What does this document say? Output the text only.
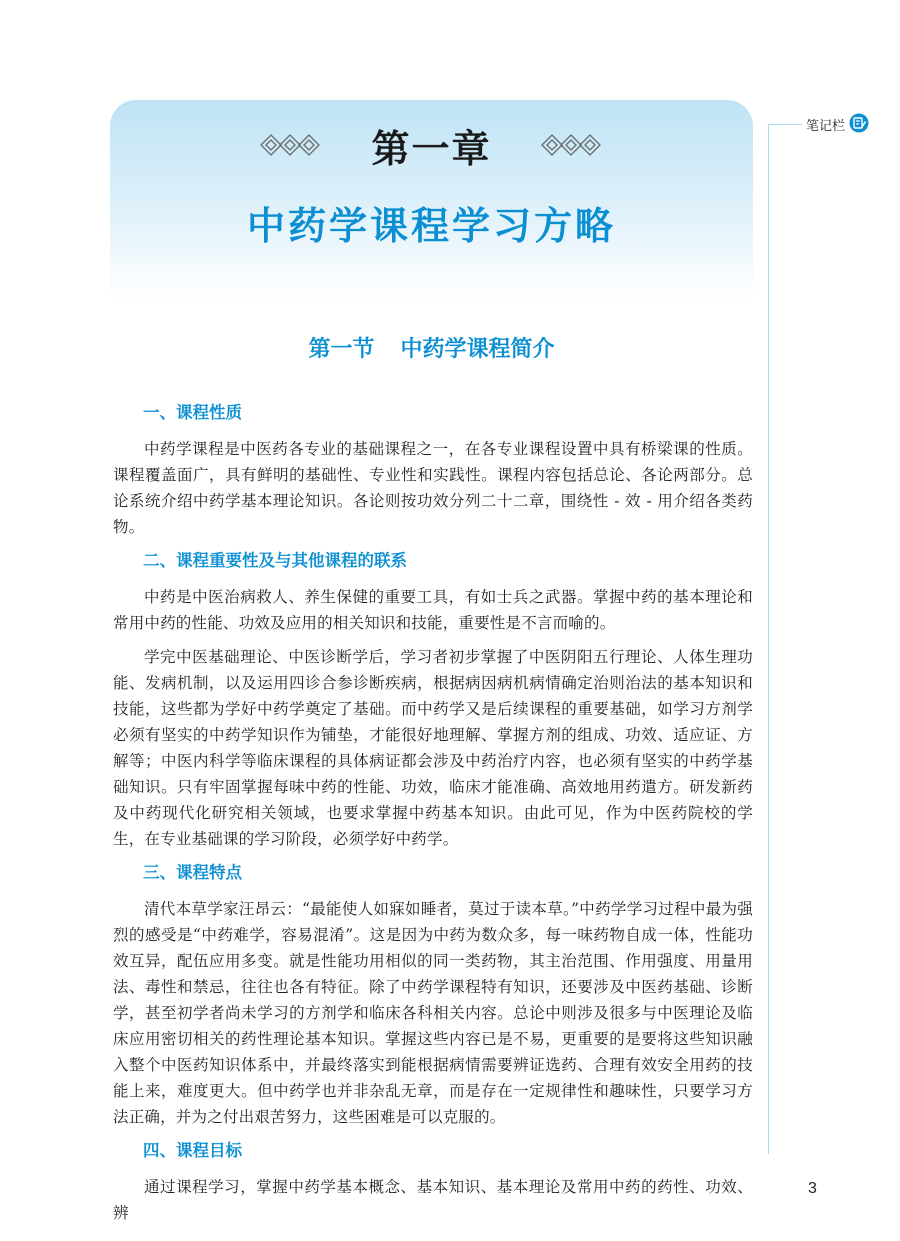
第一章
中药学课程学习方略
笔记栏
第一节 中药学课程简介
一、课程性质

中药学课程是中医药各专业的基础课程之一，在各专业课程设置中具有桥梁课的性质。课程覆盖面广，具有鲜明的基础性、专业性和实践性。课程内容包括总论、各论两部分。总论系统介绍中药学基本理论知识。各论则按功效分列二十二章，围绕性 - 效 - 用介绍各类药物。

二、课程重要性及与其他课程的联系

中药是中医治病救人、养生保健的重要工具，有如士兵之武器。掌握中药的基本理论和常用中药的性能、功效及应用的相关知识和技能，重要性是不言而喻的。

学完中医基础理论、中医诊断学后，学习者初步掌握了中医阴阳五行理论、人体生理功能、发病机制，以及运用四诊合参诊断疾病，根据病因病机病情确定治则治法的基本知识和技能，这些都为学好中药学奠定了基础。而中药学又是后续课程的重要基础，如学习方剂学必须有坚实的中药学知识作为铺垫，才能很好地理解、掌握方剂的组成、功效、适应证、方解等；中医内科学等临床课程的具体病证都会涉及中药治疗内容，也必须有坚实的中药学基础知识。只有牢固掌握每味中药的性能、功效，临床才能准确、高效地用药遣方。研发新药及中药现代化研究相关领域，也要求掌握中药基本知识。由此可见，作为中医药院校的学生，在专业基础课的学习阶段，必须学好中药学。

三、课程特点

清代本草学家汪昂云：“最能使人如寐如睡者，莫过于读本草。”中药学学习过程中最为强烈的感受是“中药难学，容易混淆”。这是因为中药为数众多，每一味药物自成一体，性能功效互异，配伍应用多变。就是性能功用相似的同一类药物，其主治范围、作用强度、用量用法、毒性和禁忌，往往也各有特征。除了中药学课程特有知识，还要涉及中医药基础、诊断学，甚至初学者尚未学习的方剂学和临床各科相关内容。总论中则涉及很多与中医理论及临床应用密切相关的药性理论基本知识。掌握这些内容已是不易，更重要的是要将这些知识融入整个中医药知识体系中，并最终落实到能根据病情需要辨证选药、合理有效安全用药的技能上来，难度更大。但中药学也并非杂乱无章，而是存在一定规律性和趣味性，只要学习方法正确，并为之付出艰苦努力，这些困难是可以克服的。

四、课程目标

通过课程学习，掌握中药学基本概念、基本知识、基本理论及常用中药的药性、功效、辨

3
